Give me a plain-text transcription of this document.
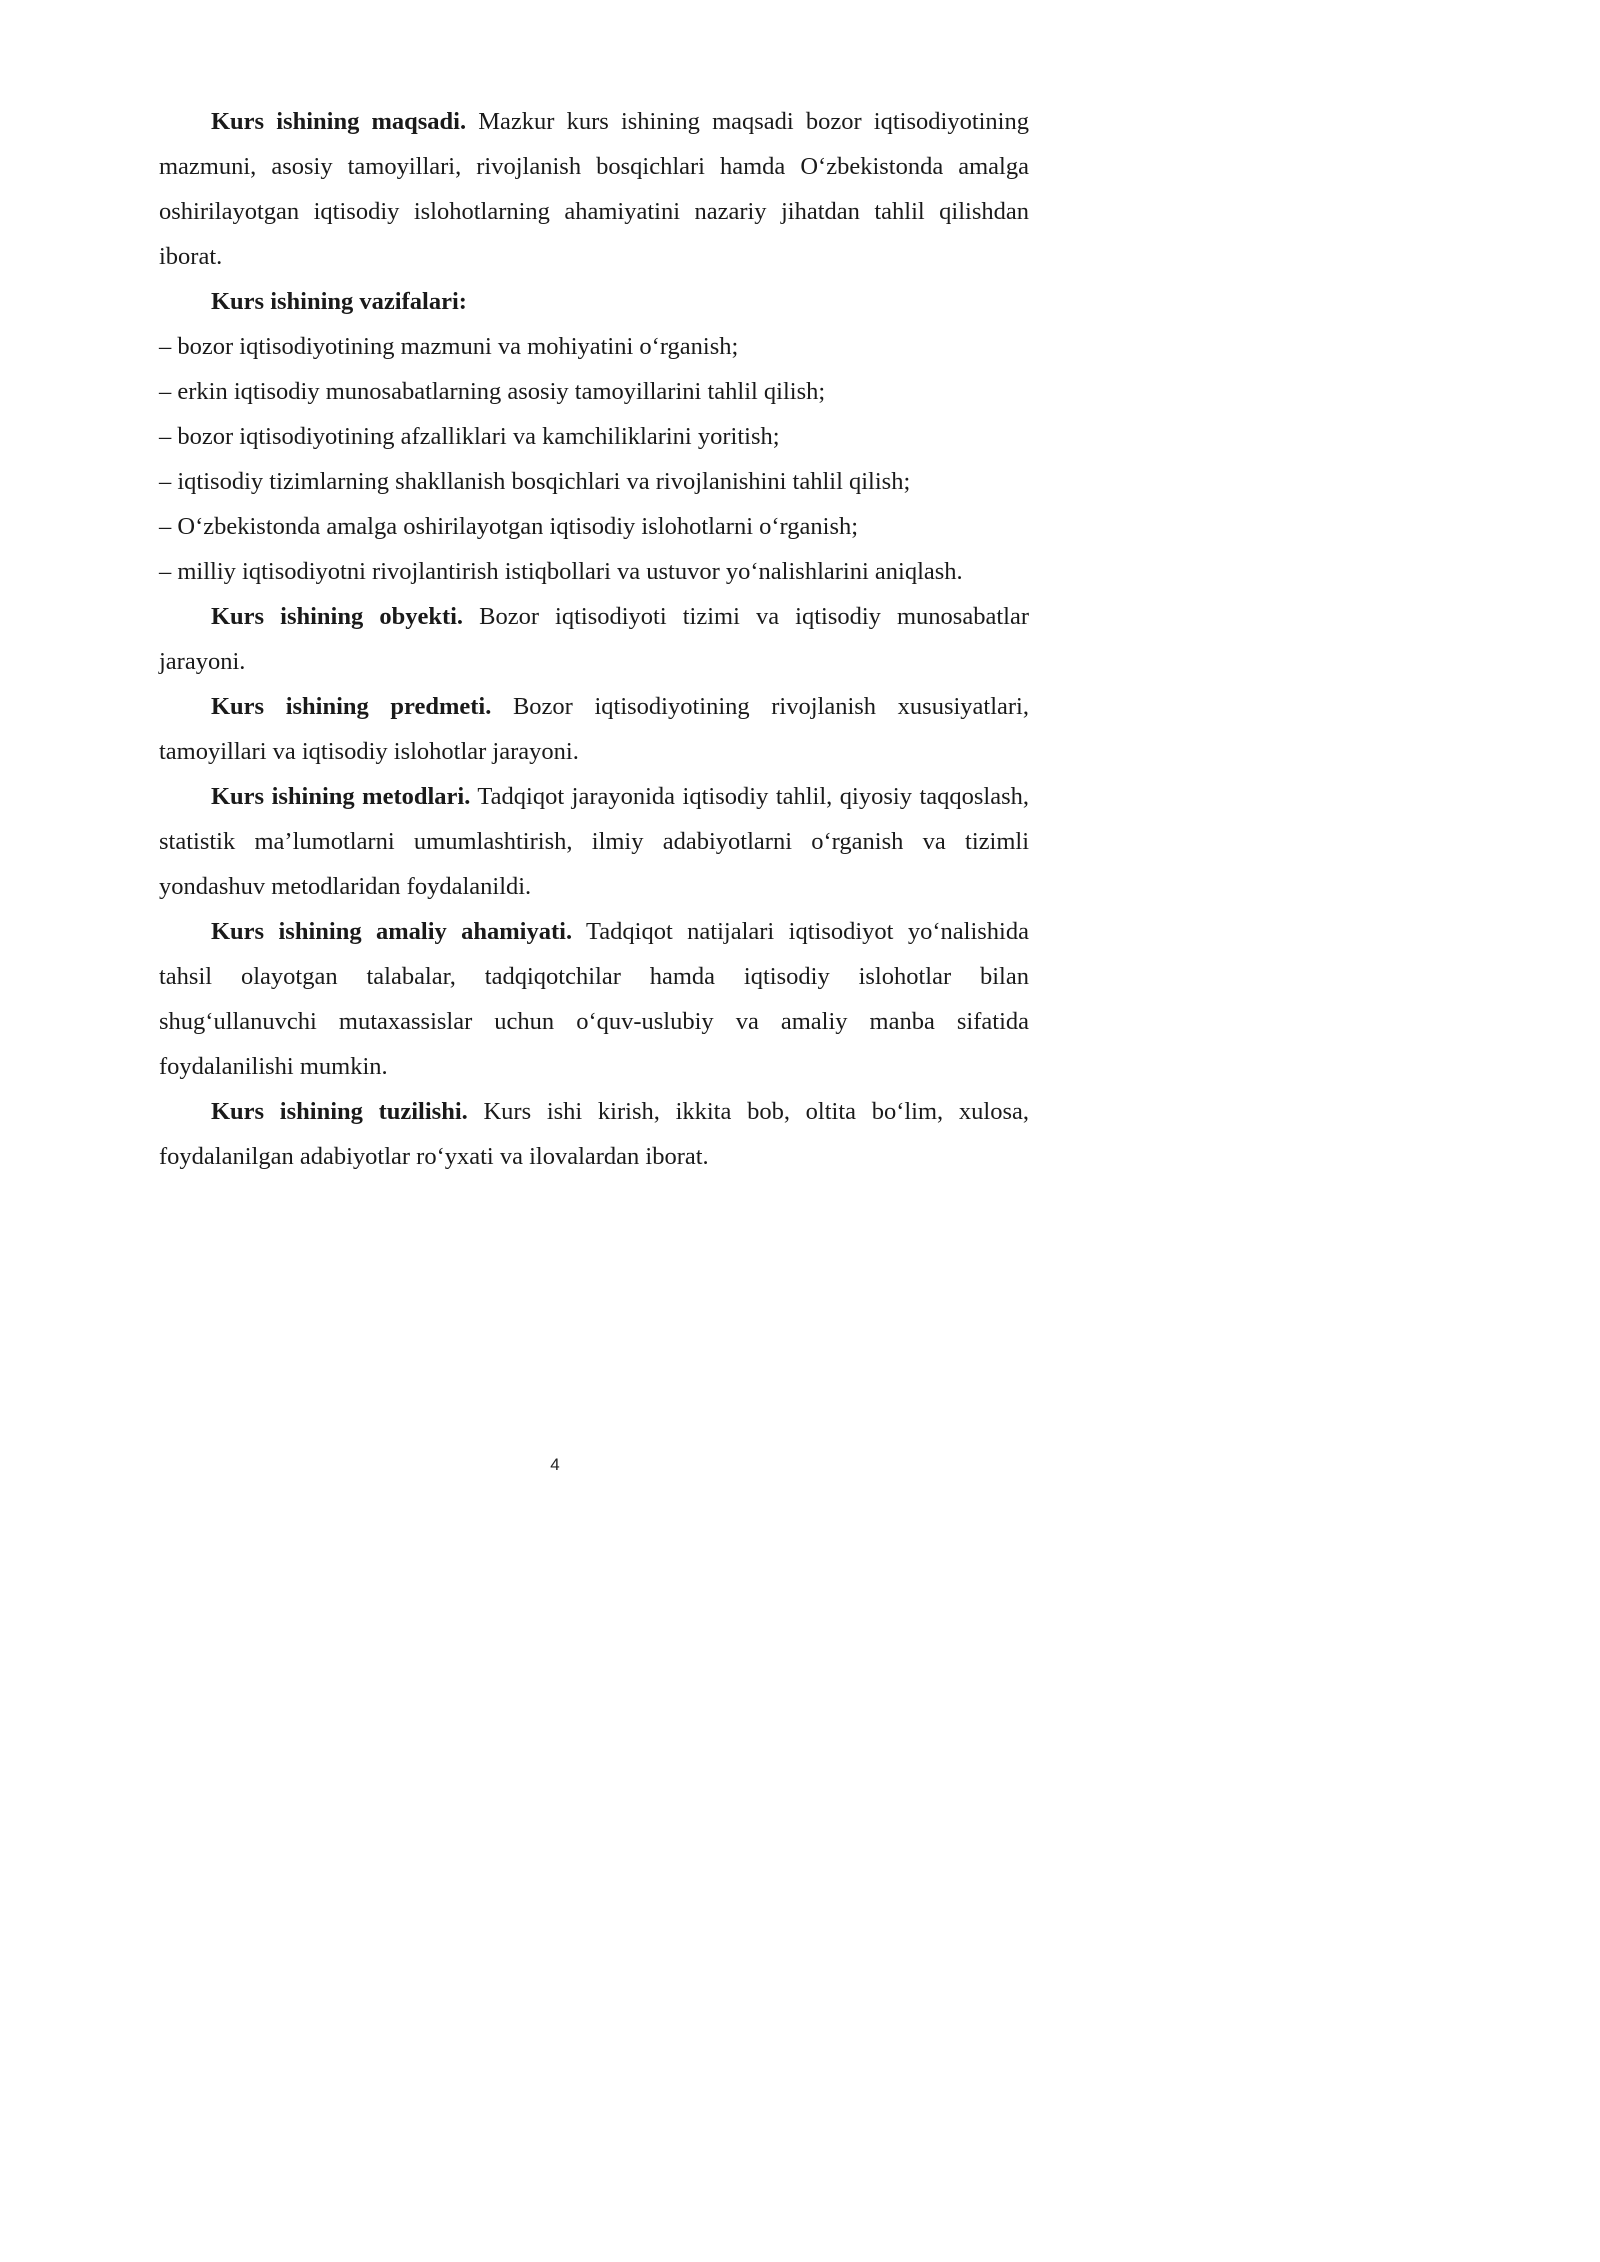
Kurs ishining maqsadi. Mazkur kurs ishining maqsadi bozor iqtisodiyotining mazmuni, asosiy tamoyillari, rivojlanish bosqichlari hamda O‘zbekistonda amalga oshirilayotgan iqtisodiy islohotlarning ahamiyatini nazariy jihatdan tahlil qilishdan iborat.

Kurs ishining vazifalari:

– bozor iqtisodiyotining mazmuni va mohiyatini o‘rganish;

– erkin iqtisodiy munosabatlarning asosiy tamoyillarini tahlil qilish;

– bozor iqtisodiyotining afzalliklari va kamchiliklarini yoritish;

– iqtisodiy tizimlarning shakllanish bosqichlari va rivojlanishini tahlil qilish;

– O‘zbekistonda amalga oshirilayotgan iqtisodiy islohotlarni o‘rganish;

– milliy iqtisodiyotni rivojlantirish istiqbollari va ustuvor yo‘nalishlarini aniqlash.

Kurs ishining obyekti. Bozor iqtisodiyoti tizimi va iqtisodiy munosabatlar jarayoni.

Kurs ishining predmeti. Bozor iqtisodiyotining rivojlanish xususiyatlari, tamoyillari va iqtisodiy islohotlar jarayoni.

Kurs ishining metodlari. Tadqiqot jarayonida iqtisodiy tahlil, qiyosiy taqqoslash, statistik ma’lumotlarni umumlashtirish, ilmiy adabiyotlarni o‘rganish va tizimli yondashuv metodlaridan foydalanildi.

Kurs ishining amaliy ahamiyati. Tadqiqot natijalari iqtisodiyot yo‘nalishida tahsil olayotgan talabalar, tadqiqotchilar hamda iqtisodiy islohotlar bilan shug‘ullanuvchi mutaxassislar uchun o‘quv-uslubiy va amaliy manba sifatida foydalanilishi mumkin.

Kurs ishining tuzilishi. Kurs ishi kirish, ikkita bob, oltita bo‘lim, xulosa, foydalanilgan adabiyotlar ro‘yxati va ilovalardan iborat.

4
